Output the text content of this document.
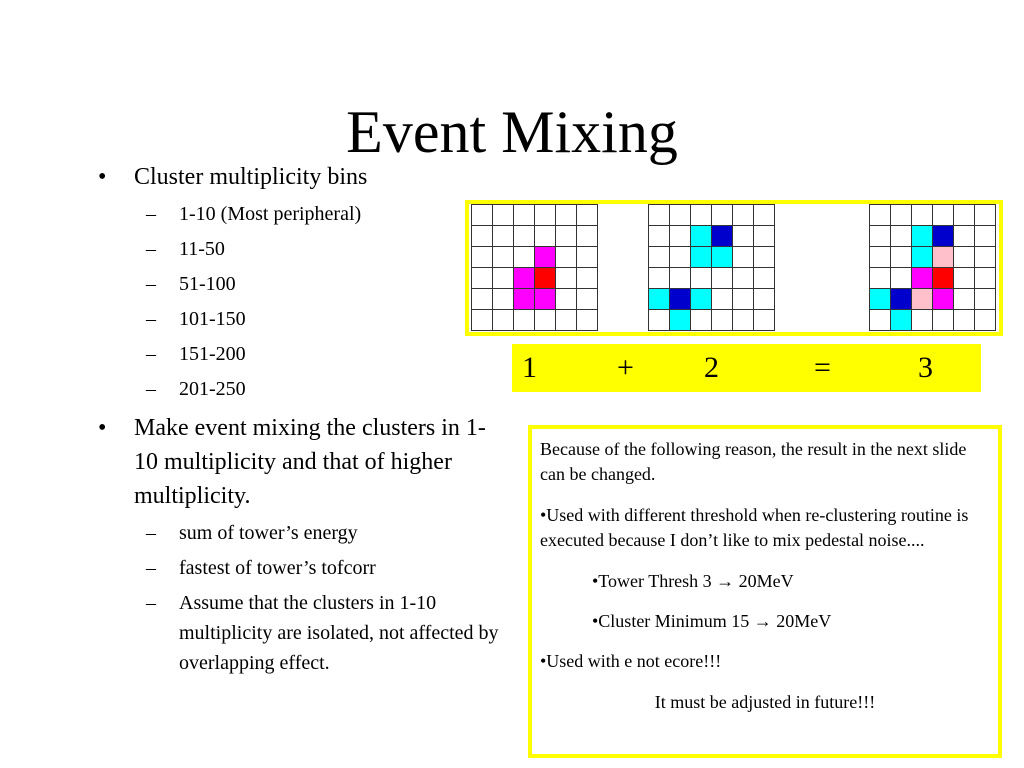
Event Mixing
• Cluster multiplicity bins
– 1-10 (Most peripheral)
– 11-50
– 51-100
– 101-150
– 151-200
– 201-250
• Make event mixing the clusters in 1-10 multiplicity and that of higher multiplicity.
– sum of tower’s energy
– fastest of tower’s tofcorr
– Assume that the clusters in 1-10 multiplicity are isolated, not affected by overlapping effect.
1	+ 2	=	3

Because of the following reason, the result in the next slide can be changed.

•Used with different threshold when re-clustering routine is executed because I don’t like to mix pedestal noise....

•Tower Thresh 3 → 20MeV

•Cluster Minimum 15 → 20MeV

•Used with e not ecore!!!

It must be adjusted in future!!!
